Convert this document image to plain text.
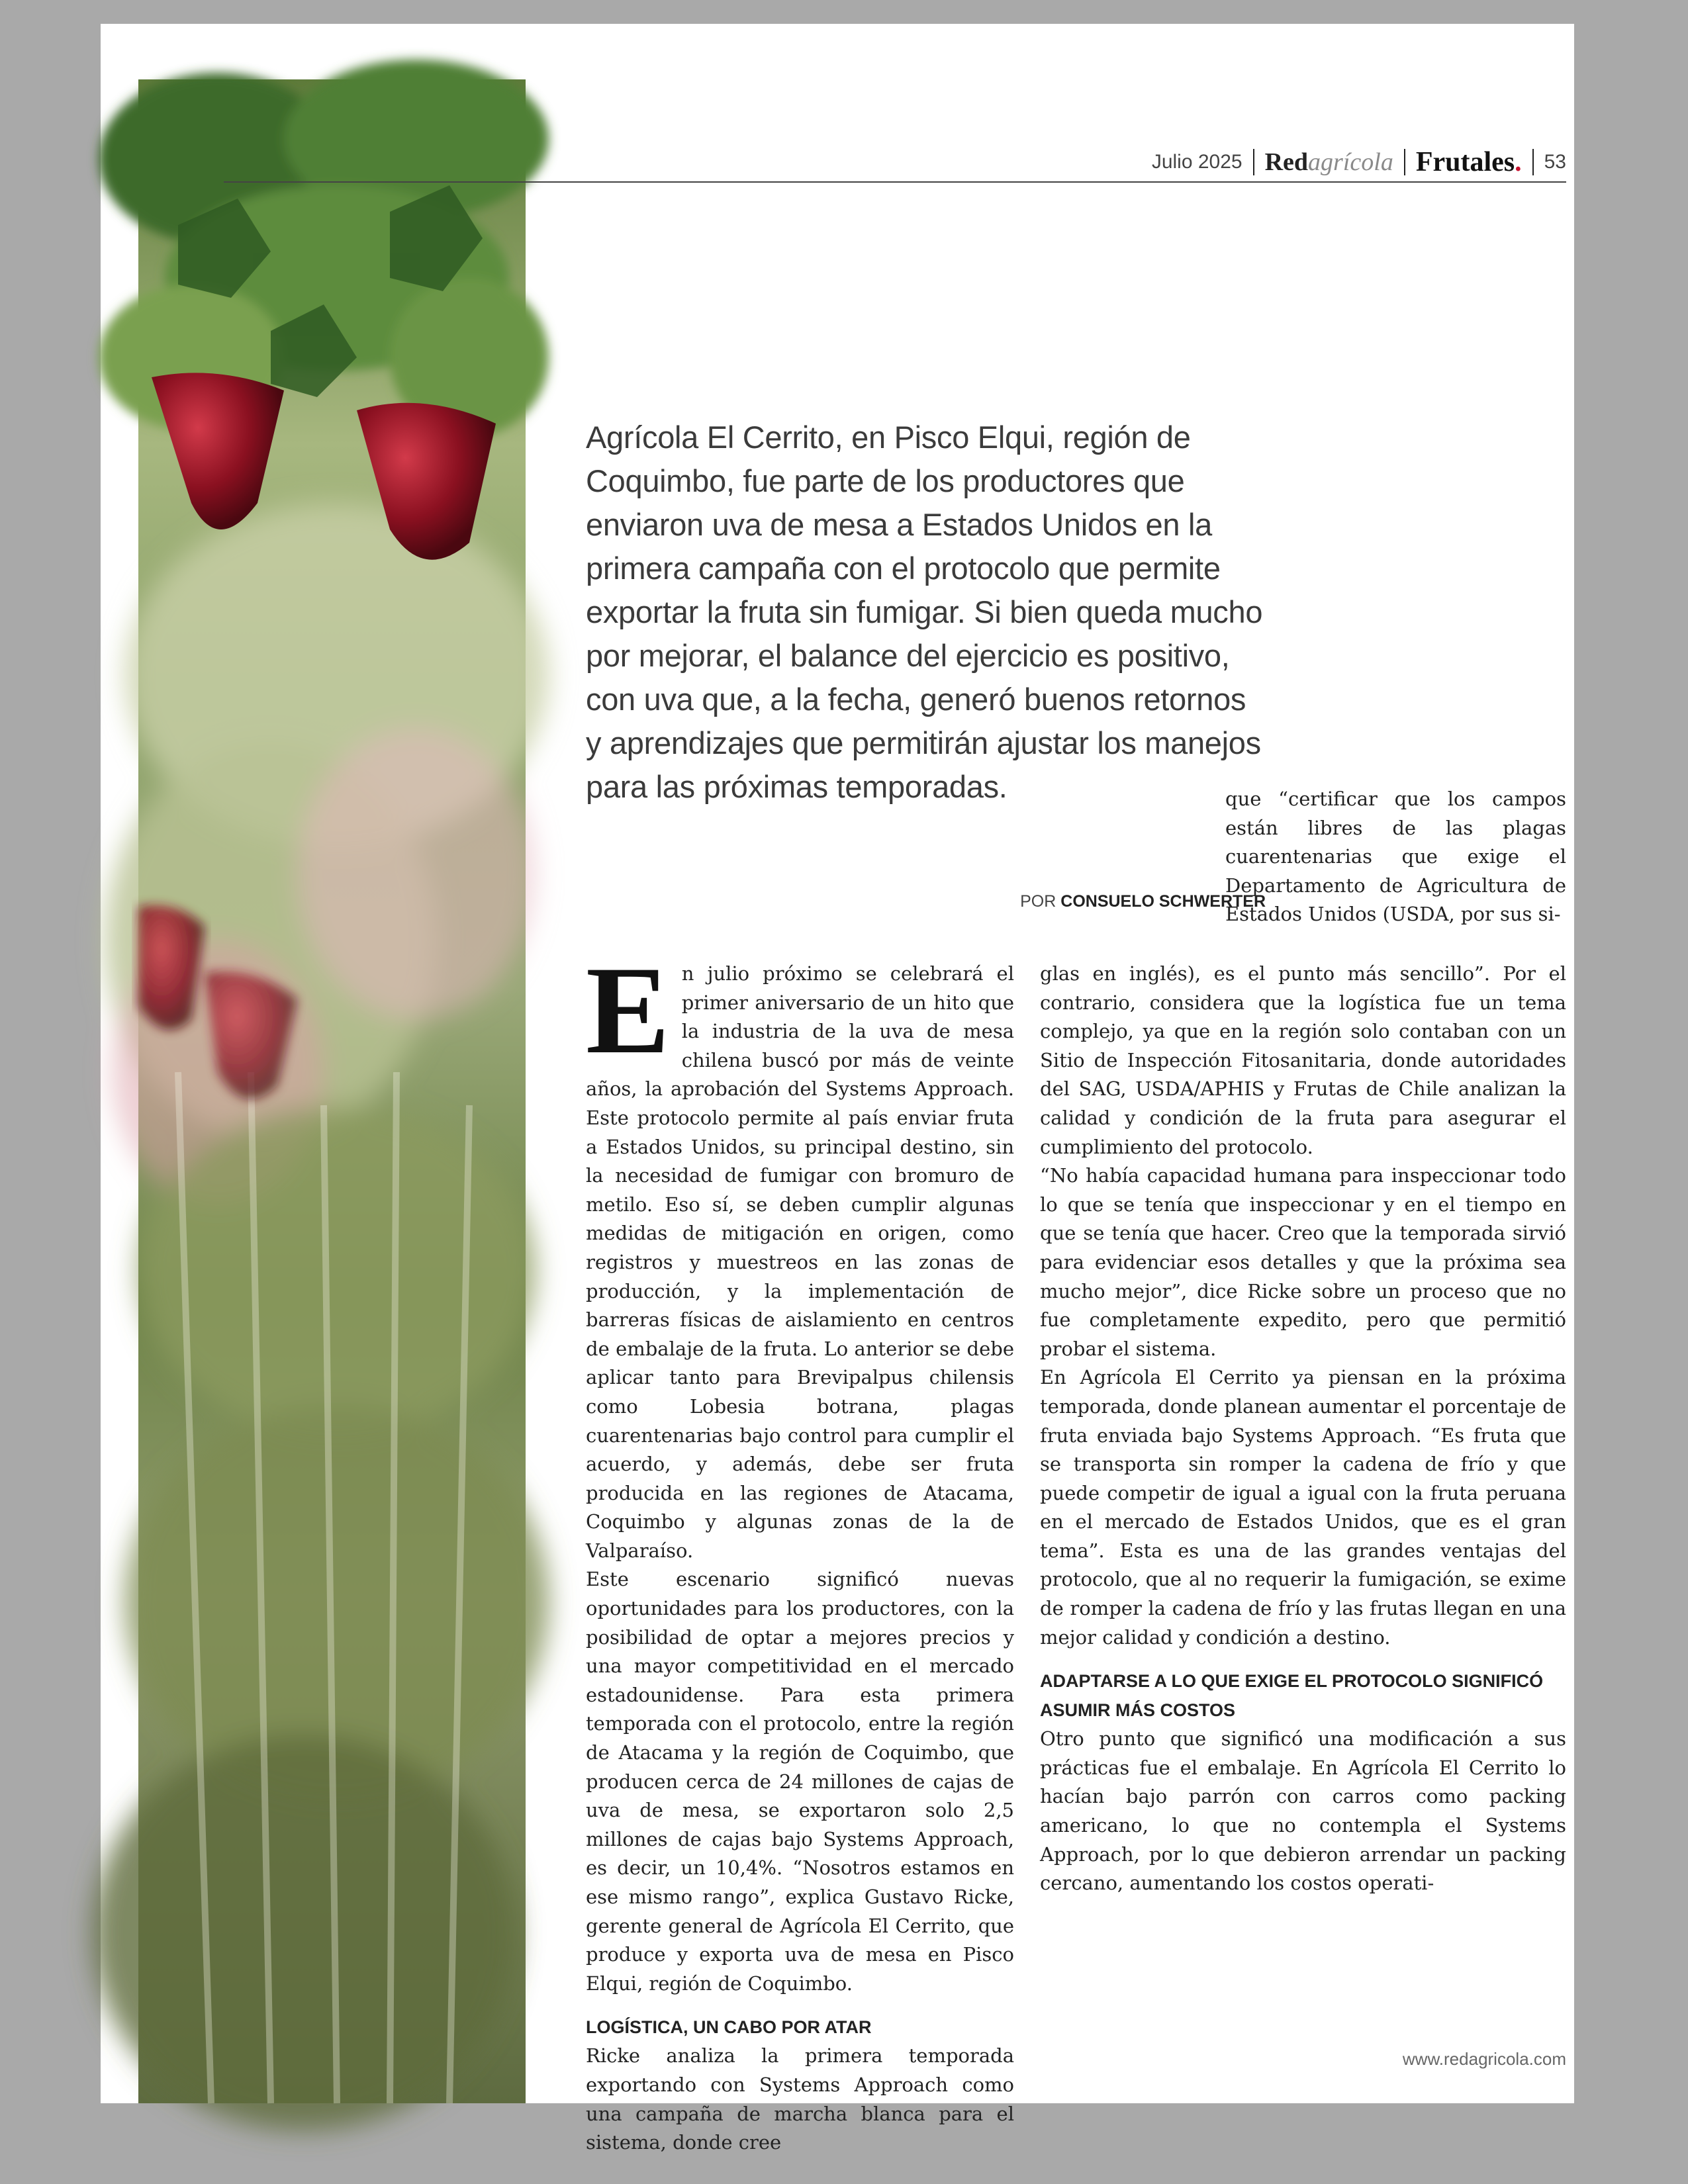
Julio 2025 Redagrícola Frutales. 53
Agrícola El Cerrito, en Pisco Elqui, región de Coquimbo, fue parte de los productores que enviaron uva de mesa a Estados Unidos en la primera campaña con el protocolo que permite exportar la fruta sin fumigar. Si bien queda mucho por mejorar, el balance del ejercicio es positivo, con uva que, a la fecha, generó buenos retornos y aprendizajes que permitirán ajustar los manejos para las próximas temporadas.
POR CONSUELO SCHWERTER

que “certificar que los campos están libres de las plagas cuarentenarias que exige el Departamento de Agricultura de Estados Unidos (USDA, por sus si-

En julio próximo se celebrará el primer aniversario de un hito que la industria de la uva de mesa chilena buscó por más de veinte años, la aprobación del Systems Approach. Este protocolo permite al país enviar fruta a Estados Unidos, su principal destino, sin la necesidad de fumigar con bromuro de metilo. Eso sí, se deben cumplir algunas medidas de mitigación en origen, como registros y muestreos en las zonas de producción, y la implementación de barreras físicas de aislamiento en centros de embalaje de la fruta. Lo anterior se debe aplicar tanto para Brevipalpus chilensis como Lobesia botrana, plagas cuarentenarias bajo control para cumplir el acuerdo, y además, debe ser fruta producida en las regiones de Atacama, Coquimbo y algunas zonas de la de Valparaíso.

Este escenario significó nuevas oportunidades para los productores, con la posibilidad de optar a mejores precios y una mayor competitividad en el mercado estadounidense. Para esta primera temporada con el protocolo, entre la región de Atacama y la región de Coquimbo, que producen cerca de 24 millones de cajas de uva de mesa, se exportaron solo 2,5 millones de cajas bajo Systems Approach, es decir, un 10,4%. “Nosotros estamos en ese mismo rango”, explica Gustavo Ricke, gerente general de Agrícola El Cerrito, que produce y exporta uva de mesa en Pisco Elqui, región de Coquimbo.

LOGÍSTICA, UN CABO POR ATAR

Ricke analiza la primera temporada exportando con Systems Approach como una campaña de marcha blanca para el sistema, donde cree

glas en inglés), es el punto más sencillo”. Por el contrario, considera que la logística fue un tema complejo, ya que en la región solo contaban con un Sitio de Inspección Fitosanitaria, donde autoridades del SAG, USDA/APHIS y Frutas de Chile analizan la calidad y condición de la fruta para asegurar el cumplimiento del protocolo.

“No había capacidad humana para inspeccionar todo lo que se tenía que inspeccionar y en el tiempo en que se tenía que hacer. Creo que la temporada sirvió para evidenciar esos detalles y que la próxima sea mucho mejor”, dice Ricke sobre un proceso que no fue completamente expedito, pero que permitió probar el sistema.

En Agrícola El Cerrito ya piensan en la próxima temporada, donde planean aumentar el porcentaje de fruta enviada bajo Systems Approach. “Es fruta que se transporta sin romper la cadena de frío y que puede competir de igual a igual con la fruta peruana en el mercado de Estados Unidos, que es el gran tema”. Esta es una de las grandes ventajas del protocolo, que al no requerir la fumigación, se exime de romper la cadena de frío y las frutas llegan en una mejor calidad y condición a destino.

ADAPTARSE A LO QUE EXIGE EL PROTOCOLO SIGNIFICÓ ASUMIR MÁS COSTOS

Otro punto que significó una modificación a sus prácticas fue el embalaje. En Agrícola El Cerrito lo hacían bajo parrón con carros como packing americano, lo que no contempla el Systems Approach, por lo que debieron arrendar un packing cercano, aumentando los costos operati-

www.redagricola.com
